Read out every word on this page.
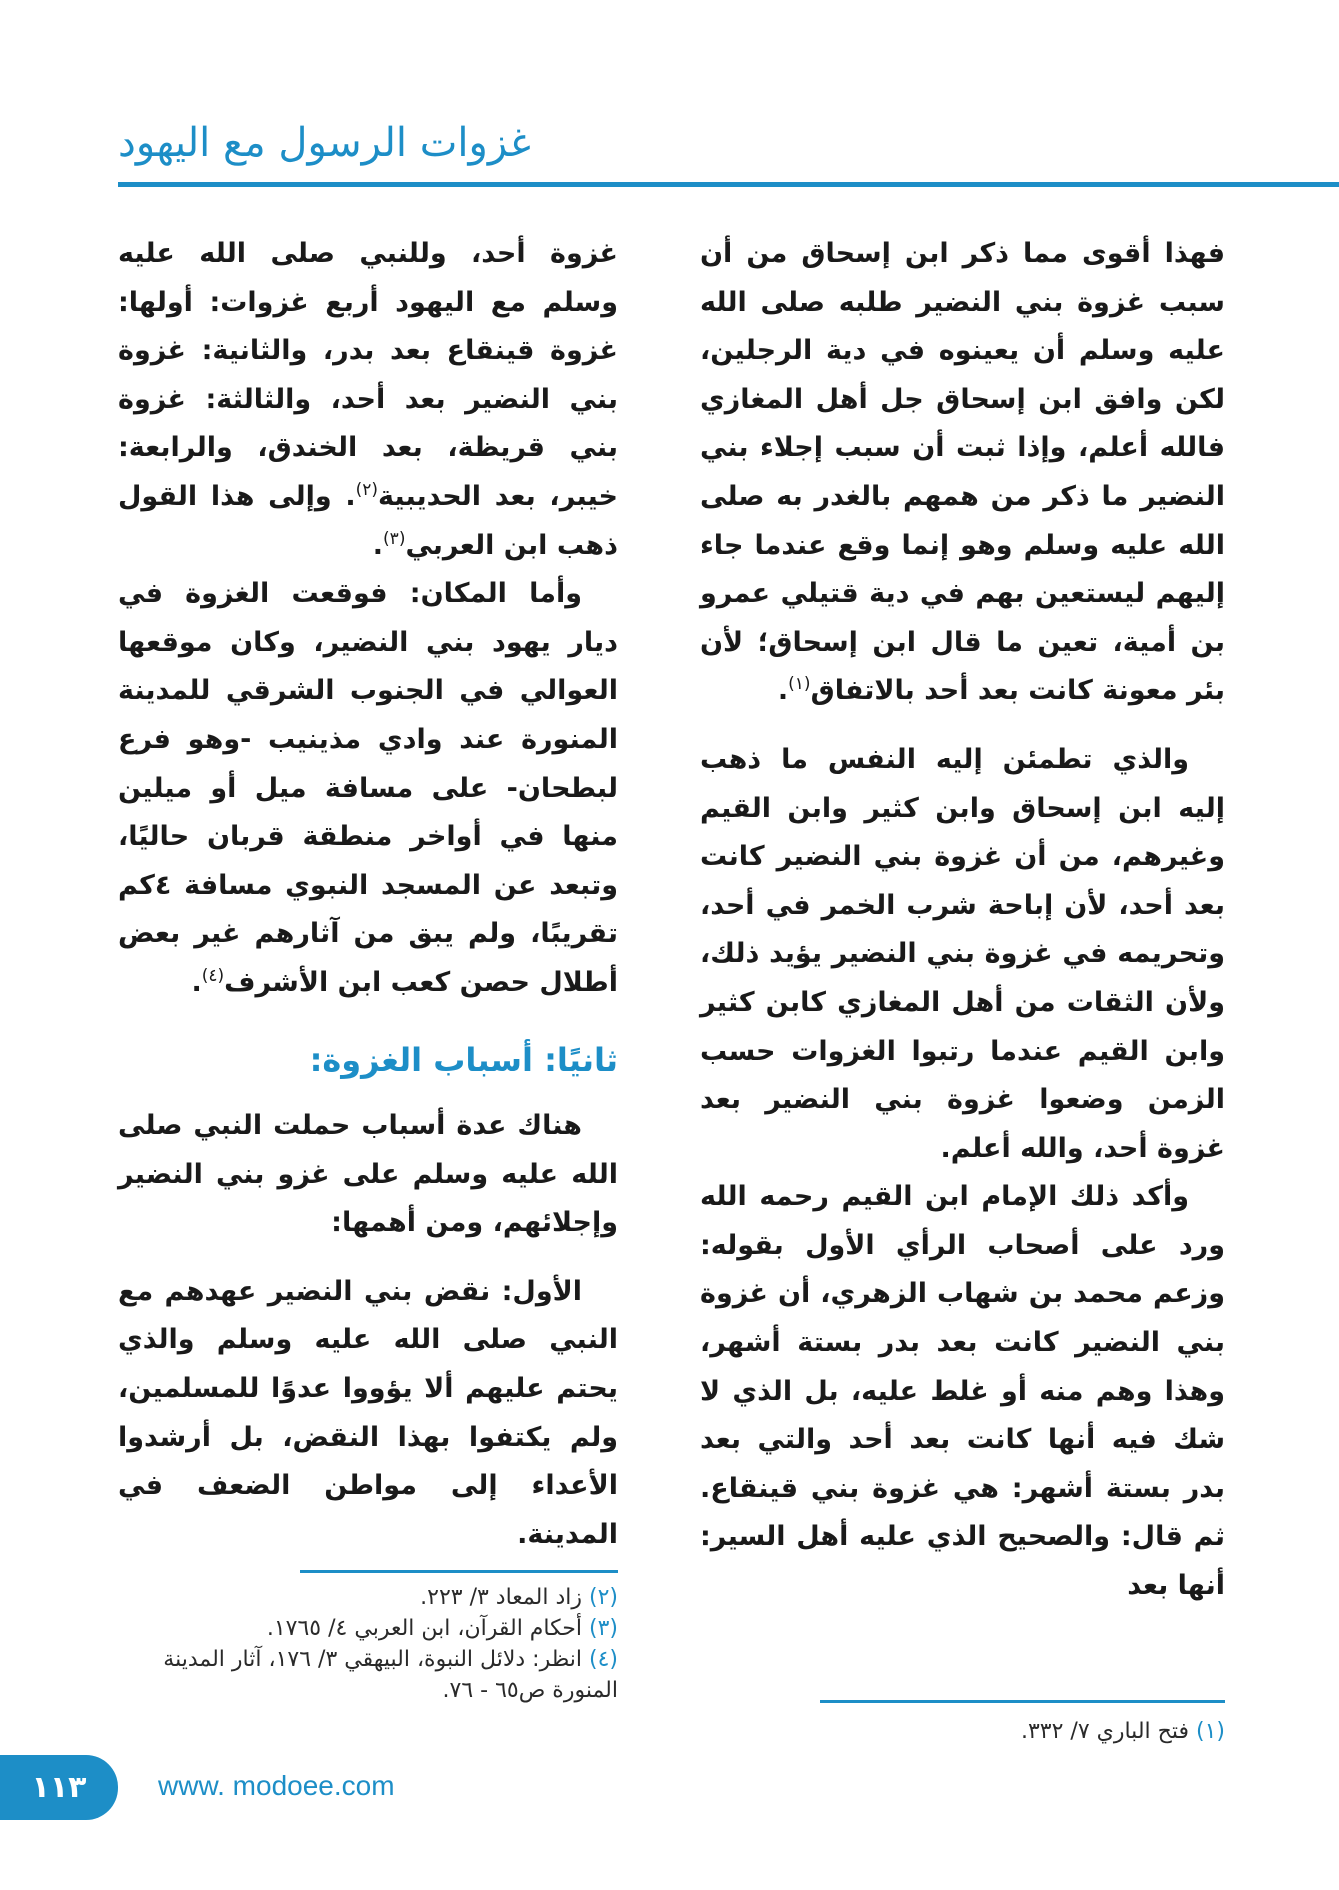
غزوات الرسول مع اليهود

فهذا أقوى مما ذكر ابن إسحاق من أن سبب غزوة بني النضير طلبه صلى الله عليه وسلم أن يعينوه في دية الرجلين، لكن وافق ابن إسحاق جل أهل المغازي فالله أعلم، وإذا ثبت أن سبب إجلاء بني النضير ما ذكر من همهم بالغدر به صلى الله عليه وسلم وهو إنما وقع عندما جاء إليهم ليستعين بهم في دية قتيلي عمرو بن أمية، تعين ما قال ابن إسحاق؛ لأن بئر معونة كانت بعد أحد بالاتفاق$^{(١)}$.

والذي تطمئن إليه النفس ما ذهب إليه ابن إسحاق وابن كثير وابن القيم وغيرهم، من أن غزوة بني النضير كانت بعد أحد، لأن إباحة شرب الخمر في أحد، وتحريمه في غزوة بني النضير يؤيد ذلك، ولأن الثقات من أهل المغازي كابن كثير وابن القيم عندما رتبوا الغزوات حسب الزمن وضعوا غزوة بني النضير بعد غزوة أحد، والله أعلم.

وأكد ذلك الإمام ابن القيم رحمه الله ورد على أصحاب الرأي الأول بقوله: وزعم محمد بن شهاب الزهري، أن غزوة بني النضير كانت بعد بدر بستة أشهر، وهذا وهم منه أو غلط عليه، بل الذي لا شك فيه أنها كانت بعد أحد والتي بعد بدر بستة أشهر: هي غزوة بني قينقاع. ثم قال: والصحيح الذي عليه أهل السير: أنها بعد

(١) فتح الباري ٧/ ٣٣٢.

غزوة أحد، وللنبي صلى الله عليه وسلم مع اليهود أربع غزوات: أولها: غزوة قينقاع بعد بدر، والثانية: غزوة بني النضير بعد أحد، والثالثة: غزوة بني قريظة، بعد الخندق، والرابعة: خيبر، بعد الحديبية$^{(٢)}$. وإلى هذا القول ذهب ابن العربي$^{(٣)}$.

وأما المكان: فوقعت الغزوة في ديار يهود بني النضير، وكان موقعها العوالي في الجنوب الشرقي للمدينة المنورة عند وادي مذينيب -وهو فرع لبطحان- على مسافة ميل أو ميلين منها في أواخر منطقة قربان حاليًا، وتبعد عن المسجد النبوي مسافة ٤كم تقريبًا، ولم يبق من آثارهم غير بعض أطلال حصن كعب ابن الأشرف$^{(٤)}$.

ثانيًا: أسباب الغزوة:

هناك عدة أسباب حملت النبي صلى الله عليه وسلم على غزو بني النضير وإجلائهم، ومن أهمها:

الأول: نقض بني النضير عهدهم مع النبي صلى الله عليه وسلم والذي يحتم عليهم ألا يؤووا عدوًا للمسلمين، ولم يكتفوا بهذا النقض، بل أرشدوا الأعداء إلى مواطن الضعف في المدينة.

(٢) زاد المعاد ٣/ ٢٢٣.

(٣) أحكام القرآن، ابن العربي ٤/ ١٧٦٥.

(٤) انظر: دلائل النبوة، البيهقي ٣/ ١٧٦، آثار المدينة المنورة ص٦٥ - ٧٦.

١١٣	www. modoee.com
